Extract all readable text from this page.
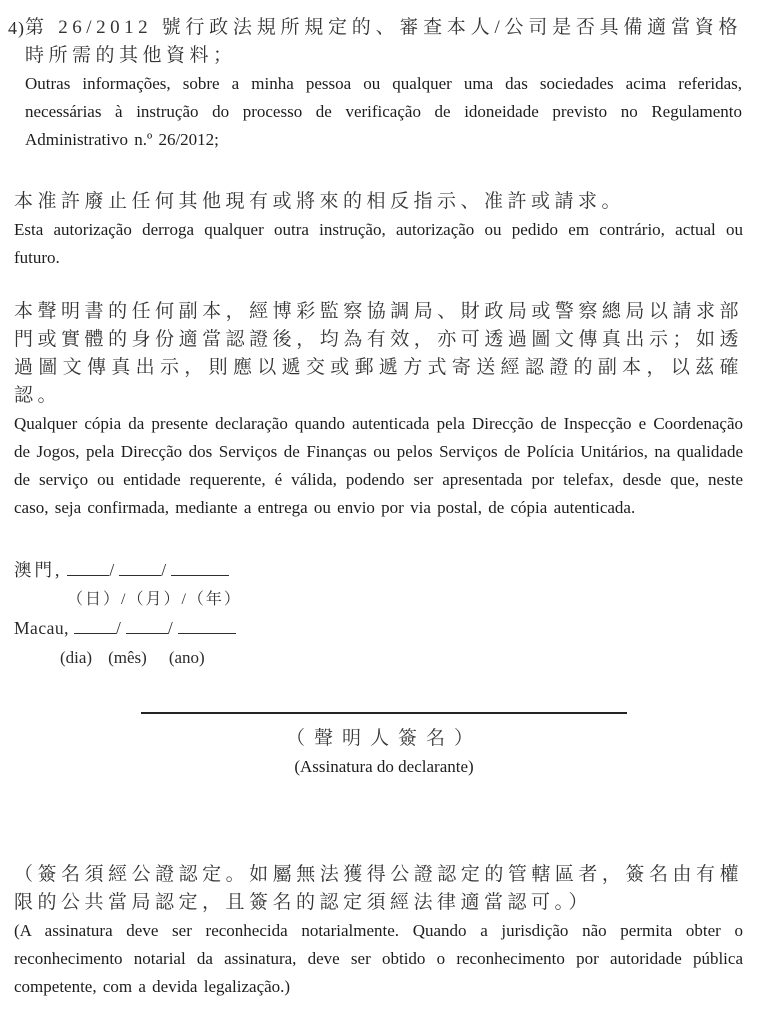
4) 第 26/2012 號行政法規所規定的、審查本人/公司是否具備適當資格時所需的其他資料；
Outras informações, sobre a minha pessoa ou qualquer uma das sociedades acima referidas, necessárias à instrução do processo de verificação de idoneidade previsto no Regulamento Administrativo n.º 26/2012;
本准許廢止任何其他現有或將來的相反指示、准許或請求。
Esta autorização derroga qualquer outra instrução, autorização ou pedido em contrário, actual ou futuro.
本聲明書的任何副本，經博彩監察協調局、財政局或警察總局以請求部門或實體的身份適當認證後，均為有效，亦可透過圖文傳真出示；如透過圖文傳真出示，則應以遞交或郵遞方式寄送經認證的副本，以茲確認。
Qualquer cópia da presente declaração quando autenticada pela Direcção de Inspecção e Coordenação de Jogos, pela Direcção dos Serviços de Finanças ou pelos Serviços de Polícia Unitários, na qualidade de serviço ou entidade requerente, é válida, podendo ser apresentada por telefax, desde que, neste caso, seja confirmada, mediante a entrega ou envio por via postal, de cópia autenticada.
澳門,	/	/
（日）/（月）/（年）
Macau,	/	/
(dia) (mês) (ano)
（聲明人簽名）
(Assinatura do declarante)
（簽名須經公證認定。如屬無法獲得公證認定的管轄區者，簽名由有權限的公共當局認定，且簽名的認定須經法律適當認可。）
(A assinatura deve ser reconhecida notarialmente. Quando a jurisdição não permita obter o reconhecimento notarial da assinatura, deve ser obtido o reconhecimento por autoridade pública competente, com a devida legalização.)
